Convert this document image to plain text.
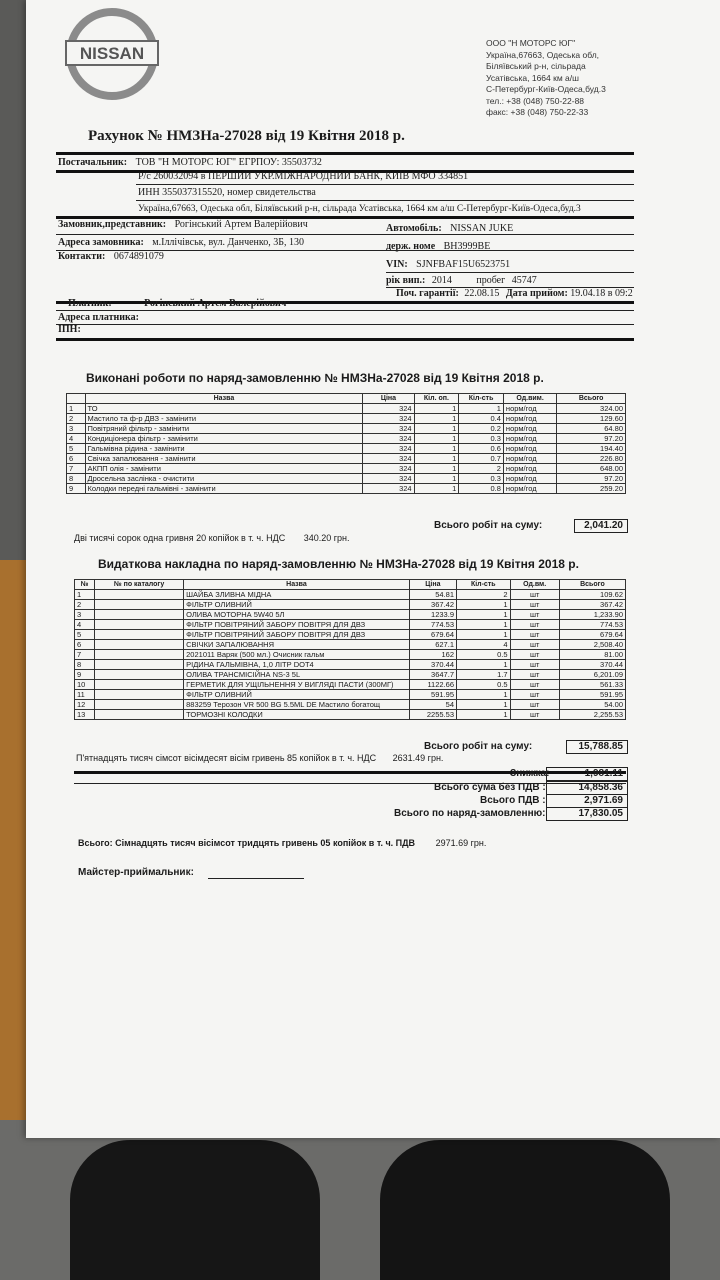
NISSAN
ООО "Н МОТОРС ЮГ"
Україна,67663, Одеська обл,
Біляївський р-н, сільрада
Усатівська, 1664 км а/ш
С-Петербург-Київ-Одеса,буд.3
тел.: +38 (048) 750-22-88
факс: +38 (048) 750-22-33
Рахунок № НМЗНа-27028 від 19 Квітня 2018 р.
Постачальник: ТОВ "Н МОТОРС ЮГ" ЕГРПОУ: 35503732
Р/с 260032094 в ПЕРШИЙ УКР.МІЖНАРОДНИЙ БАНК, КИЇВ МФО 334851
ИНН 355037315520, номер свидетельства
Україна,67663, Одеська обл, Біляївський р-н, сільрада Усатівська, 1664 км а/ш С-Петербург-Київ-Одеса,буд.3
Замовник,представник: Рогінський Артем Валерійович	Автомобіль: NISSAN JUKE
Адреса замовника: м.Іллічівськ, вул. Данченко, 3Б, 130	держ. номе BH3999BE
Контакти: 0674891079
VIN: SJNFBAF15U6523751
рік вип.: 2014 пробег 45747
Поч. гарантії: 22.08.15 Дата прийом: 19.04.18 в 09:2
Платник:	Рогінський Артем Валерійович
Адреса платника:
ІПН:
Виконані роботи по наряд-замовленню № НМЗНа-27028 від 19 Квітня 2018 р.
	Назва	Ціна	Кіл. оп.	Кіл-сть	Од.вим.	Всього
1	ТО	324	1	1	норм/год	324.00
2	Мастило та ф-р ДВЗ - замінити	324	1	0.4	норм/год	129.60
3	Повітряний фільтр - замінити	324	1	0.2	норм/год	64.80
4	Кондиціонера фільтр - замінити	324	1	0.3	норм/год	97.20
5	Гальмівна рідина - замінити	324	1	0.6	норм/год	194.40
6	Свічка запалювання - замінити	324	1	0.7	норм/год	226.80
7	АКПП олія - замінити	324	1	2	норм/год	648.00
8	Дросельна заслінка - очистити	324	1	0.3	норм/год	97.20
9	Колодки передні гальмівні - замінити	324	1	0.8	норм/год	259.20
Всього робіт на суму:	2,041.20
Дві тисячі сорок одна гривня 20 копійок в т. ч. НДС 340.20 грн.
Видаткова накладна по наряд-замовленню № НМЗНа-27028 від 19 Квітня 2018 р.
№	№ по каталогу	Назва	Ціна	Кіл-сть	Од.вм.	Всього
1		ШАЙБА ЗЛИВНА МІДНА	54.81	2	шт	109.62
2		ФІЛЬТР ОЛИВНИЙ	367.42	1	шт	367.42
3		ОЛИВА МОТОРНА 5W40 5Л	1233.9	1	шт	1,233.90
4		ФІЛЬТР ПОВІТРЯНИЙ ЗАБОРУ ПОВІТРЯ ДЛЯ ДВЗ	774.53	1	шт	774.53
5		ФІЛЬТР ПОВІТРЯНИЙ ЗАБОРУ ПОВІТРЯ ДЛЯ ДВЗ	679.64	1	шт	679.64
6		СВІЧКИ ЗАПАЛЮВАННЯ	627.1	4	шт	2,508.40
7		2021011 Варяк (500 мл.) Очисник гальм	162	0.5	шт	81.00
8		РІДИНА ГАЛЬМІВНА, 1,0 ЛІТР DOT4	370.44	1	шт	370.44
9		ОЛИВА ТРАНСМІСІЙНА NS-3 5L	3647.7	1.7	шт	6,201.09
10		ГЕРМЕТИК ДЛЯ УЩІЛЬНЕННЯ У ВИГЛЯДІ ПАСТИ (300МГ)	1122.66	0.5	шт	561.33
11		ФІЛЬТР ОЛИВНИЙ	591.95	1	шт	591.95
12		883259 Терозон VR 500 BG 5.5ML DE Мастило богатощ	54	1	шт	54.00
13		ТОРМОЗНІ КОЛОДКИ	2255.53	1	шт	2,255.53
Всього робіт на суму:	15,788.85
П'ятнадцять тисяч сімсот вісімдесят вісім гривень 85 копійок в т. ч. НДС 2631.49 грн.
Знижка:	1,981.11
Всього сума без ПДВ :	14,858.36
Всього ПДВ :	2,971.69
Всього по наряд-замовленню:	17,830.05
Всього: Сімнадцять тисяч вісімсот тридцять гривень 05 копійок в т. ч. ПДВ 2971.69 грн.
Майстер-приймальник:
